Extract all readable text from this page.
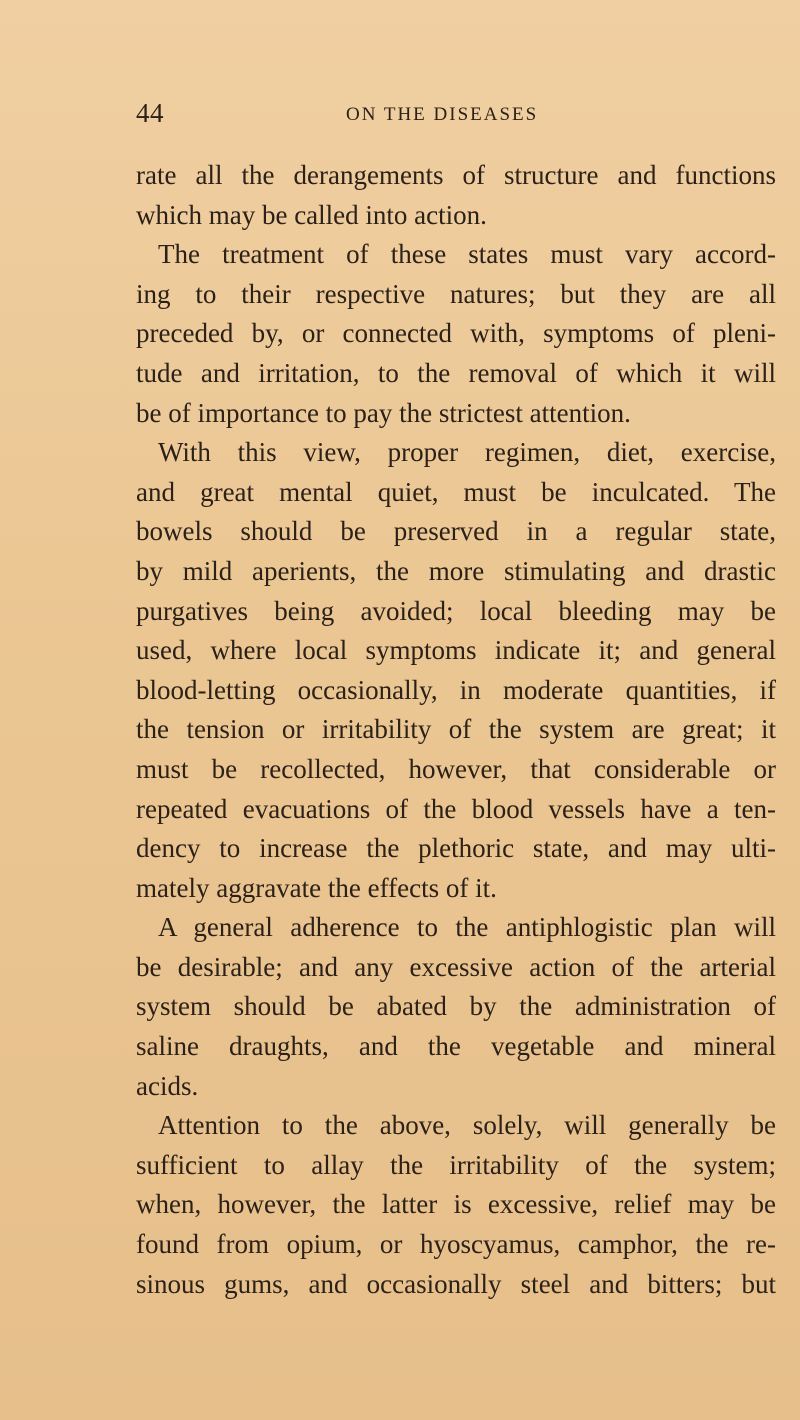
44	ON THE DISEASES
rate all the derangements of structure and functions
which may be called into action.
The treatment of these states must vary accord-
ing to their respective natures; but they are all
preceded by, or connected with, symptoms of pleni-
tude and irritation, to the removal of which it will
be of importance to pay the strictest attention.
With this view, proper regimen, diet, exercise,
and great mental quiet, must be inculcated. The
bowels should be preserved in a regular state,
by mild aperients, the more stimulating and drastic
purgatives being avoided; local bleeding may be
used, where local symptoms indicate it; and general
blood-letting occasionally, in moderate quantities, if
the tension or irritability of the system are great; it
must be recollected, however, that considerable or
repeated evacuations of the blood vessels have a ten-
dency to increase the plethoric state, and may ulti-
mately aggravate the effects of it.
A general adherence to the antiphlogistic plan will
be desirable; and any excessive action of the arterial
system should be abated by the administration of
saline draughts, and the vegetable and mineral
acids.
Attention to the above, solely, will generally be
sufficient to allay the irritability of the system;
when, however, the latter is excessive, relief may be
found from opium, or hyoscyamus, camphor, the re-
sinous gums, and occasionally steel and bitters; but
